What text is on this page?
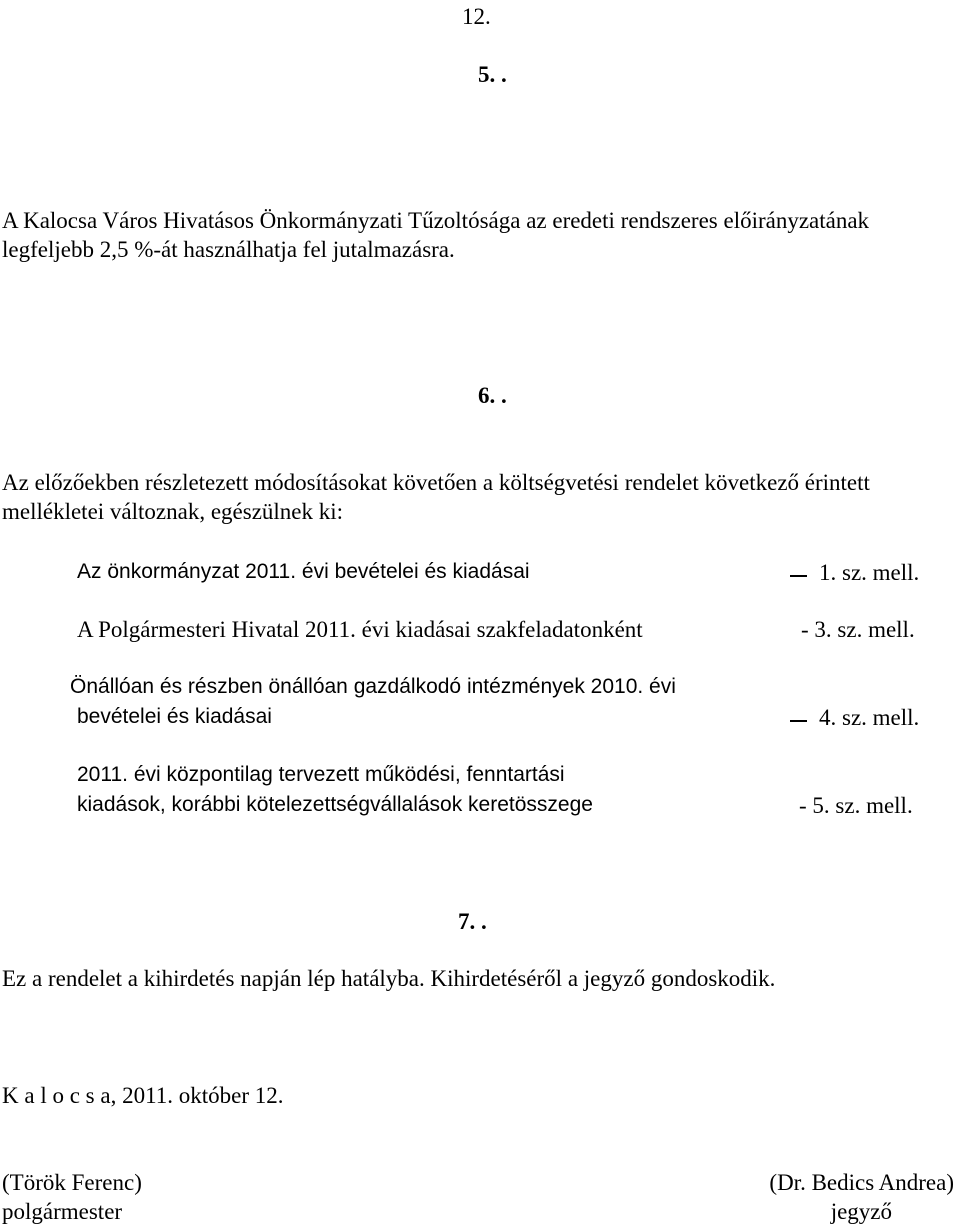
12.
5. .
A Kalocsa Város Hivatásos Önkormányzati Tűzoltósága az eredeti rendszeres előirányzatának
legfeljebb 2,5 %-át használhatja fel jutalmazásra.
6. .
Az előzőekben részletezett módosításokat követően a költségvetési rendelet következő érintett
mellékletei változnak, egészülnek ki:
Az önkormányzat 2011. évi bevételei és kiadásai	1. sz. mell.
A Polgármesteri Hivatal 2011. évi kiadásai szakfeladatonként	- 3. sz. mell.
Önállóan és részben önállóan gazdálkodó intézmények 2010. évi
bevételei és kiadásai	4. sz. mell.
2011. évi központilag tervezett működési, fenntartási
kiadások, korábbi kötelezettségvállalások keretösszege	- 5. sz. mell.
7. .
Ez a rendelet a kihirdetés napján lép hatályba. Kihirdetéséről a jegyző gondoskodik.
K a l o c s a, 2011. október 12.
(Török Ferenc)
polgármester
(Dr. Bedics Andrea)
jegyző
